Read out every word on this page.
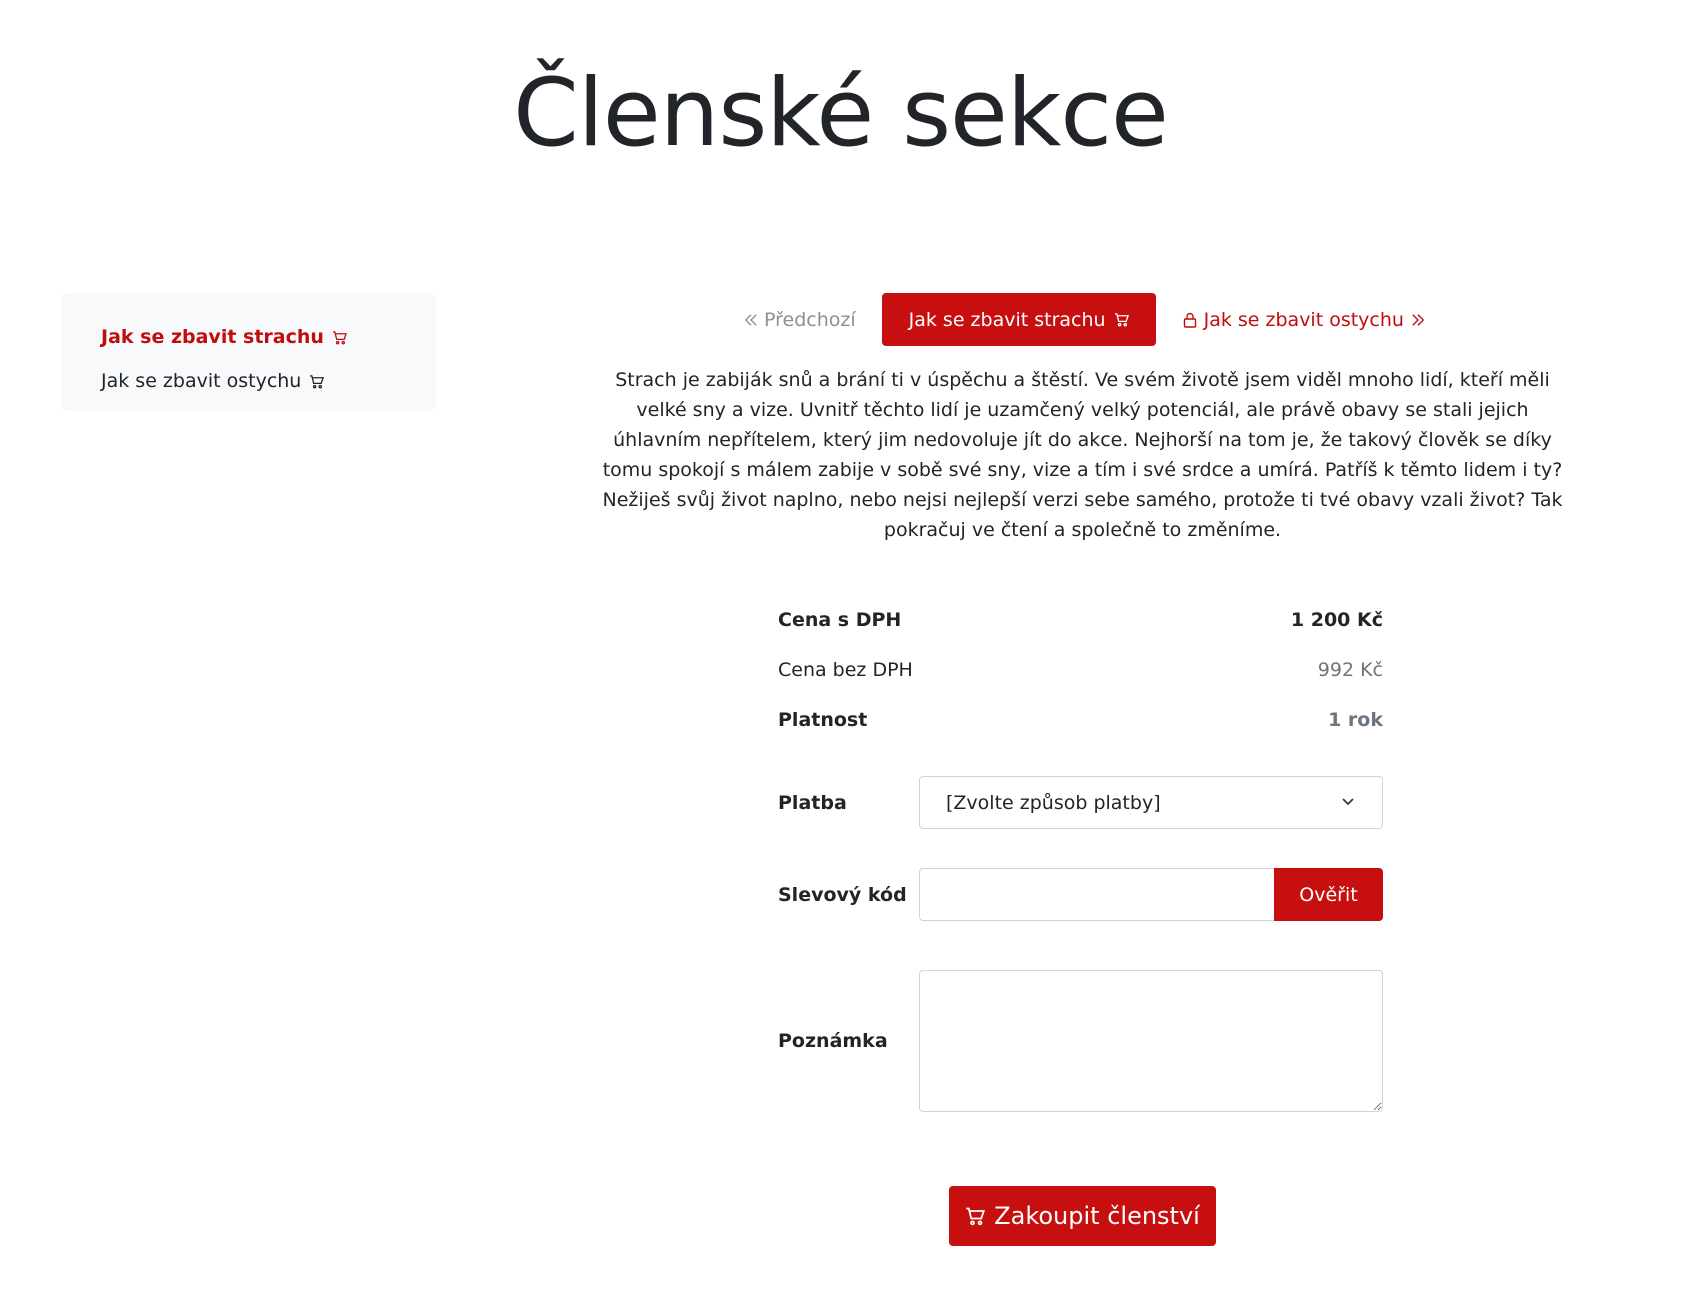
Členské sekce
Jak se zbavit strachu
Jak se zbavit ostychu
Předchozí	Jak se zbavit strachu	Jak se zbavit ostychu

Strach je zabiják snů a brání ti v úspěchu a štěstí. Ve svém životě jsem viděl mnoho lidí, kteří měli velké sny a vize. Uvnitř těchto lidí je uzamčený velký potenciál, ale právě obavy se stali jejich úhlavním nepřítelem, který jim nedovoluje jít do akce. Nejhorší na tom je, že takový člověk se díky tomu spokojí s málem zabije v sobě své sny, vize a tím i své srdce a umírá. Patříš k těmto lidem i ty? Nežiješ svůj život naplno, nebo nejsi nejlepší verzi sebe samého, protože ti tvé obavy vzali život? Tak pokračuj ve čtení a společně to změníme.

Cena s DPH	1 200 Kč
Cena bez DPH	992 Kč
Platnost	1 rok
Platba	[Zvolte způsob platby]
Slevový kód	Ověřit
Poznámka
Zakoupit členství
